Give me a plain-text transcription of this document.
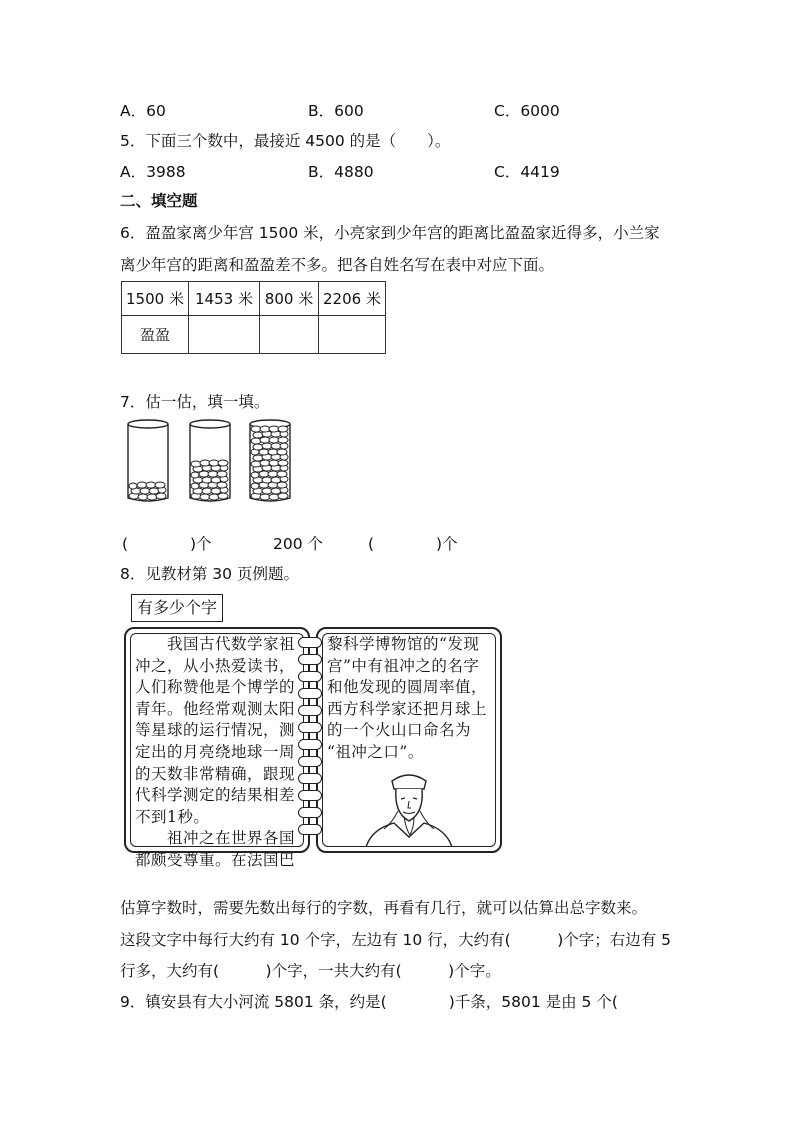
A．60	B．600	C．6000
5．下面三个数中，最接近 4500 的是（　　）。
A．3988	B．4880	C．4419
二、填空题
6．盈盈家离少年宫 1500 米，小亮家到少年宫的距离比盈盈家近得多，小兰家
离少年宫的距离和盈盈差不多。把各自姓名写在表中对应下面。
1500 米	1453 米	800 米	2206 米
盈盈			
7．估一估，填一填。
(　　　　)个	200 个	(　　　　)个
8．见教材第 30 页例题。
有多少个字
　　我国古代数学家祖
冲之，从小热爱读书，
人们称赞他是个博学的
青年。他经常观测太阳
等星球的运行情况，测
定出的月亮绕地球一周
的天数非常精确，跟现
代科学测定的结果相差
不到1秒。
　　祖冲之在世界各国
都颇受尊重。在法国巴
黎科学博物馆的“发现
宫”中有祖冲之的名字
和他发现的圆周率值，
西方科学家还把月球上
的一个火山口命名为
“祖冲之口”。
估算字数时，需要先数出每行的字数，再看有几行，就可以估算出总字数来。
这段文字中每行大约有 10 个字，左边有 10 行，大约有(　　　)个字；右边有 5
行多，大约有(　　　)个字，一共大约有(　　　)个字。
9．镇安县有大小河流 5801 条，约是(　　　　)千条，5801 是由 5 个(
